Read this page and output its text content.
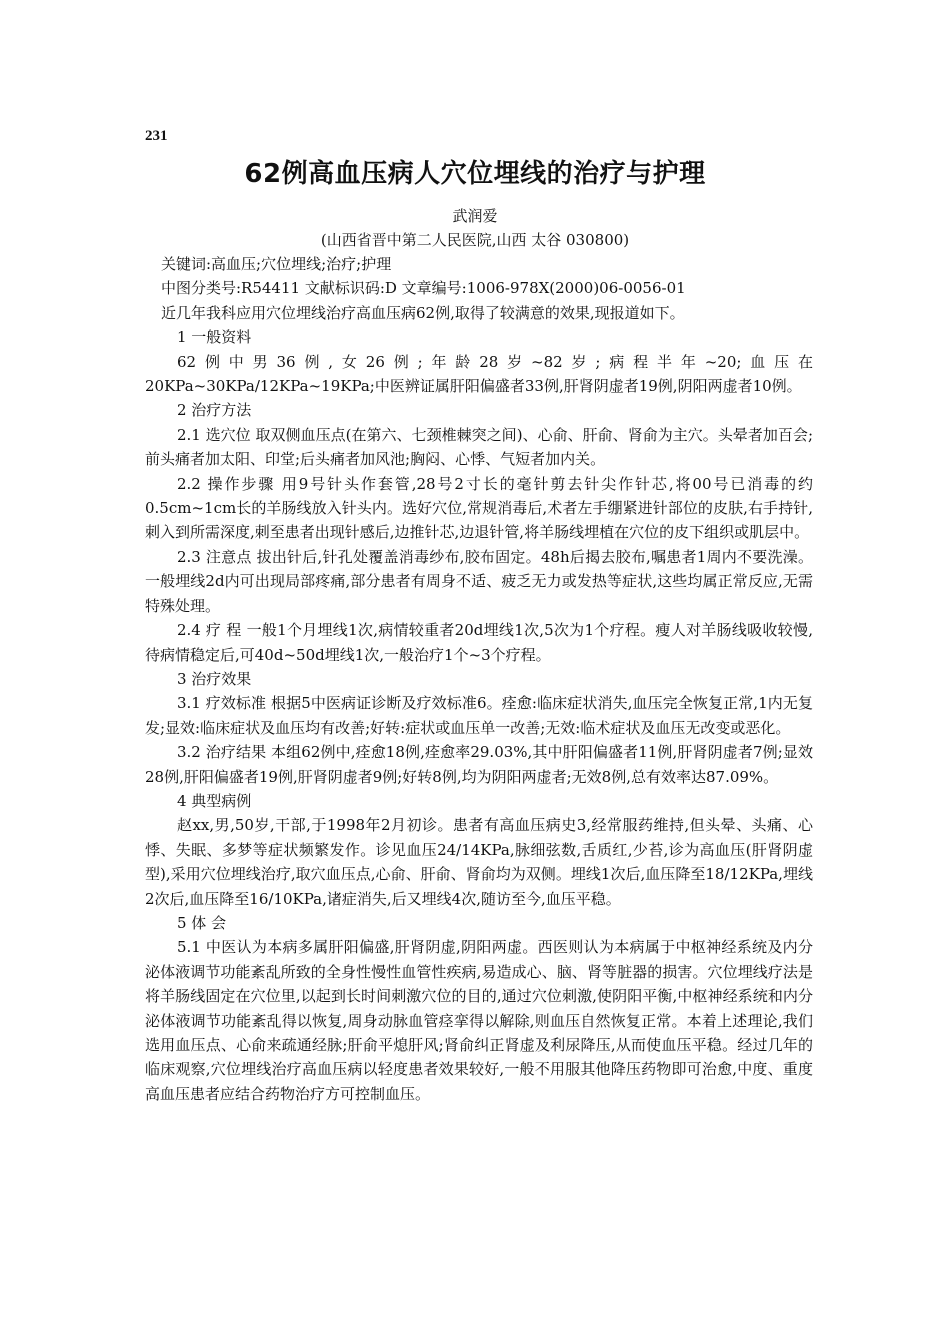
231
62例高血压病人穴位埋线的治疗与护理
武润爱
(山西省晋中第二人民医院,山西 太谷 030800)

关键词:高血压;穴位埋线;治疗;护理

中图分类号:R54411 文献标识码:D 文章编号:1006-978X(2000)06-0056-01

近几年我科应用穴位埋线治疗高血压病62例,取得了较满意的效果,现报道如下。

1 一般资料

62例中男36例,女26例;年龄28岁~82岁;病程半年~20;血压在20KPa~30KPa/12KPa~19KPa;中医辨证属肝阳偏盛者33例,肝肾阴虚者19例,阴阳两虚者10例。

2 治疗方法

2.1 选穴位 取双侧血压点(在第六、七颈椎棘突之间)、心俞、肝俞、肾俞为主穴。头晕者加百会;前头痛者加太阳、印堂;后头痛者加风池;胸闷、心悸、气短者加内关。

2.2 操作步骤 用9号针头作套管,28号2寸长的毫针剪去针尖作针芯,将00号已消毒的约0.5cm~1cm长的羊肠线放入针头内。选好穴位,常规消毒后,术者左手绷紧进针部位的皮肤,右手持针,刺入到所需深度,刺至患者出现针感后,边推针芯,边退针管,将羊肠线埋植在穴位的皮下组织或肌层中。

2.3 注意点 拔出针后,针孔处覆盖消毒纱布,胶布固定。48h后揭去胶布,嘱患者1周内不要洗澡。一般埋线2d内可出现局部疼痛,部分患者有周身不适、疲乏无力或发热等症状,这些均属正常反应,无需特殊处理。

2.4 疗 程 一般1个月埋线1次,病情较重者20d埋线1次,5次为1个疗程。瘦人对羊肠线吸收较慢,待病情稳定后,可40d~50d埋线1次,一般治疗1个~3个疗程。

3 治疗效果

3.1 疗效标准 根据5中医病证诊断及疗效标准6。痊愈:临床症状消失,血压完全恢复正常,1内无复发;显效:临床症状及血压均有改善;好转:症状或血压单一改善;无效:临术症状及血压无改变或恶化。

3.2 治疗结果 本组62例中,痊愈18例,痊愈率29.03%,其中肝阳偏盛者11例,肝肾阴虚者7例;显效28例,肝阳偏盛者19例,肝肾阴虚者9例;好转8例,均为阴阳两虚者;无效8例,总有效率达87.09%。

4 典型病例

赵xx,男,50岁,干部,于1998年2月初诊。患者有高血压病史3,经常服药维持,但头晕、头痛、心悸、失眠、多梦等症状频繁发作。诊见血压24/14KPa,脉细弦数,舌质红,少苔,诊为高血压(肝肾阴虚型),采用穴位埋线治疗,取穴血压点,心俞、肝俞、肾俞均为双侧。埋线1次后,血压降至18/12KPa,埋线2次后,血压降至16/10KPa,诸症消失,后又埋线4次,随访至今,血压平稳。

5 体 会

5.1 中医认为本病多属肝阳偏盛,肝肾阴虚,阴阳两虚。西医则认为本病属于中枢神经系统及内分泌体液调节功能紊乱所致的全身性慢性血管性疾病,易造成心、脑、肾等脏器的损害。穴位埋线疗法是将羊肠线固定在穴位里,以起到长时间刺激穴位的目的,通过穴位刺激,使阴阳平衡,中枢神经系统和内分泌体液调节功能紊乱得以恢复,周身动脉血管痉挛得以解除,则血压自然恢复正常。本着上述理论,我们选用血压点、心俞来疏通经脉;肝俞平熄肝风;肾俞纠正肾虚及利尿降压,从而使血压平稳。经过几年的临床观察,穴位埋线治疗高血压病以轻度患者效果较好,一般不用服其他降压药物即可治愈,中度、重度高血压患者应结合药物治疗方可控制血压。
